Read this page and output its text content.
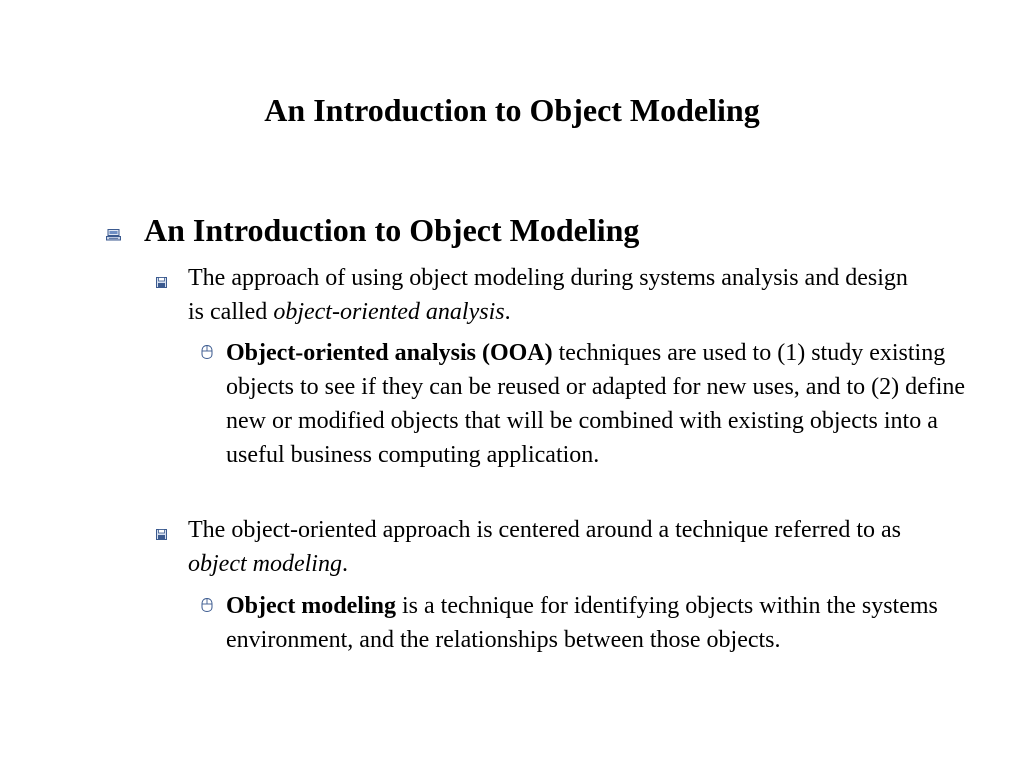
An Introduction to Object Modeling
An Introduction to Object Modeling
The approach of using object modeling during systems analysis and design is called object-oriented analysis.
Object-oriented analysis (OOA) techniques are used to (1) study existing objects to see if they can be reused or adapted for new uses, and to (2) define new or modified objects that will be combined with existing objects into a useful business computing application.
The object-oriented approach is centered around a technique referred to as object modeling.
Object modeling is a technique for identifying objects within the systems environment, and the relationships between those objects.
